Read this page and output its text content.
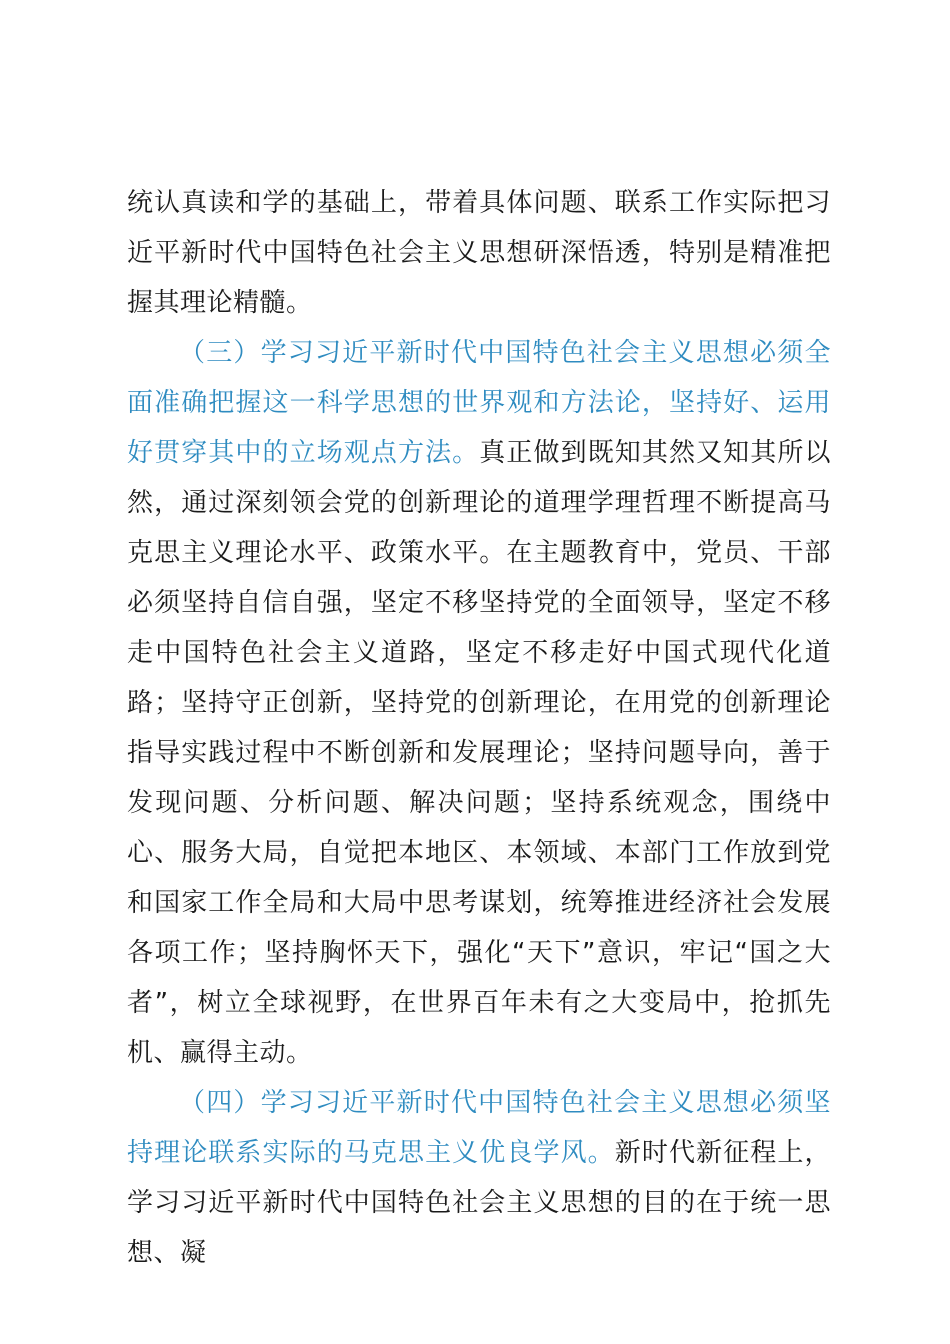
统认真读和学的基础上，带着具体问题、联系工作实际把习近平新时代中国特色社会主义思想研深悟透，特别是精准把握其理论精髓。

（三）学习习近平新时代中国特色社会主义思想必须全面准确把握这一科学思想的世界观和方法论，坚持好、运用好贯穿其中的立场观点方法。真正做到既知其然又知其所以然，通过深刻领会党的创新理论的道理学理哲理不断提高马克思主义理论水平、政策水平。在主题教育中，党员、干部必须坚持自信自强，坚定不移坚持党的全面领导，坚定不移走中国特色社会主义道路，坚定不移走好中国式现代化道路；坚持守正创新，坚持党的创新理论，在用党的创新理论指导实践过程中不断创新和发展理论；坚持问题导向，善于发现问题、分析问题、解决问题；坚持系统观念，围绕中心、服务大局，自觉把本地区、本领域、本部门工作放到党和国家工作全局和大局中思考谋划，统筹推进经济社会发展各项工作；坚持胸怀天下，强化“天下”意识，牢记“国之大者”，树立全球视野，在世界百年未有之大变局中，抢抓先机、赢得主动。

（四）学习习近平新时代中国特色社会主义思想必须坚持理论联系实际的马克思主义优良学风。新时代新征程上，学习习近平新时代中国特色社会主义思想的目的在于统一思想、凝
